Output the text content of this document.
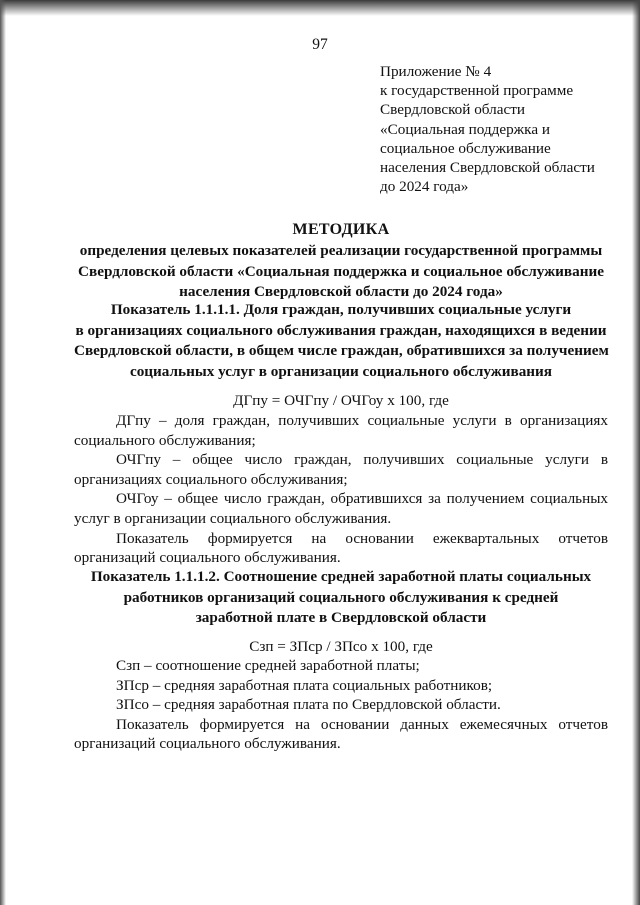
97
Приложение № 4
к государственной программе
Свердловской области
«Социальная поддержка и
социальное обслуживание
населения Свердловской области
до 2024 года»
МЕТОДИКА
определения целевых показателей реализации государственной программы
Свердловской области «Социальная поддержка и социальное обслуживание
населения Свердловской области до 2024 года»
Показатель 1.1.1.1. Доля граждан, получивших социальные услуги
в организациях социального обслуживания граждан, находящихся в ведении
Свердловской области, в общем числе граждан, обратившихся за получением
социальных услуг в организации социального обслуживания
ДГпу = ОЧГпу / ОЧГоу x 100, где

ДГпу – доля граждан, получивших социальные услуги в организациях социального обслуживания;

ОЧГпу – общее число граждан, получивших социальные услуги в организациях социального обслуживания;

ОЧГоу – общее число граждан, обратившихся за получением социальных услуг в организации социального обслуживания.

Показатель формируется на основании ежеквартальных отчетов организаций социального обслуживания.

Показатель 1.1.1.2. Соотношение средней заработной платы социальных
работников организаций социального обслуживания к средней
заработной плате в Свердловской области
Сзп = ЗПср / ЗПсо x 100, где

Сзп – соотношение средней заработной платы;

ЗПср – средняя заработная плата социальных работников;

ЗПсо – средняя заработная плата по Свердловской области.

Показатель формируется на основании данных ежемесячных отчетов организаций социального обслуживания.
